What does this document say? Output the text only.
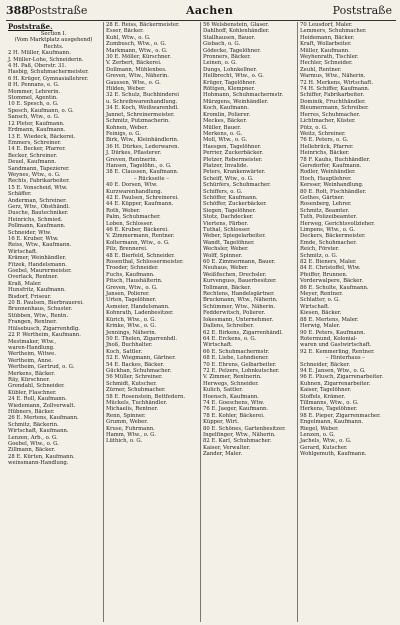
388 Poststraße	Aachen	Poststraße
Poststraße.
Section I.
(Vom Marktplatz ausgehend)
Rechts.
2 H. Müller, Kaufmann.
J. Müller-Lohe, Schneiderin.
4 H. Paß, Oberstr. 31.
Hasbig, Schuhmachermeister.
6 H. Krüger, Gymnasiallehrer.
8 H. Pennans, e. G.
Mommer, Lehrerin.
Stommel, Agentin.
10 E. Spesch, o. G.
Spesch, Kaufmann, o. G.
Sansch, Wtw., o. G.
12 Pleter, Kaufmann.
Erdmann, Kaufmann.
13 E. Wiedeck, Bäckerei.
Emmers, Schreiner.
14 E. Becker, Pfarrer.
Becker, Schreiner.
Deuel, Kaufmann.
Sandmann, Tapezierer.
Weynes, Wtw., o. G.
Rechts, Fabrikarbeiter.
15 E. Vonscheid, Wtw.
Schäffer.
Anderman, Schreiner.
Gerz, Wtw., Obsthändl.
Dusche, Bautechniker.
Heinrichs, Schmied.
Pollmann, Kaufmann.
Schneider, Wtw.
16 E. Kruber, Wtw.
Reiss, Wtw., Kaufmann.
Wirtschaft.
Krämer, Weinhändler.
Fitzek, Handelsmann.
Goebel, Maurermeister.
Overlack, Rentner.
Kraß, Maler.
Hunsfritz, Kaufmann.
Bisdorf, Friseur.
20 B. Paulsen, Bierbrauerei.
Brunnenhaus, Schuster.
Stübben, Wtw., Rentn.
Frangen, Rentner.
Hülsebusch, Zigarrenhdlg.
22 P. Wertheim, Kaufmann.
Mestmaker, Wtw.,
waren-Handlung.
Wertheim, Witwe.
Wertheim, Anne.
Wertheim, Gertrud, o. G.
Merkens, Bäcker.
Räy, Kürschner.
Grendahl, Schneider.
Kübler, Flaschner.
24 E. Roll, Kaufmann.
Wiedemann, Zollverwalt.
Hübners, Bäcker.
26 E. Mertens, Kaufmann.
Schmitz, Bäckerin.
Wirtschaft, Kaufmann.
Lenzen, Arb., o. G.
Goebel, Wtw., o. G.
Zillmann, Bäcker.
28 E. Kürten, Kaufmann.
weinsmann-Handlung.
28 E. Reiss, Bäckermeister.
Esser, Bäcker.
Kuhl, Wtw., o. G.
Zumbusch, Wtw., o. G.
Markmann, Wtw., o. G.
30 E. Möller, Kürschner.
V. Zerbert, Bäckerei.
Dollmann, Mühlenbes.
Greven, Wtw., Näherin.
Gaussen, Wtw., o. G.
Hilden, Weber.
32 E. Schulz, Buchbinderei
u. Schreibwarenhandlung.
34 E. Koch, Weißwarenhdl.
Jannet, Schreinermeister.
Schmitz, Putzmacherin.
Kohnen, Weber.
Feinigs, o. G.
Birk, Wtw., Kleinhändlerin.
36 H. Dürkes, Lederwaren.
J. Dürkes, Pflasterer.
Greven, Rentnerin.
Hansen, Tagelöhn., o. G.
38 E. Claussen, Kaufmann.
– Rückseite –
40 E. Dorsen, Wtw.
Kurzwarenhandlung.
42 E. Paulsen, Schreinerei.
44 E. Küpper, Kaufmann.
Roth, Weber.
Palm, Schuhmacher.
Loben, Schlosser.
46 E. Kruber, Bäckerei.
V. Zimmermann, Rentner.
Koltermann, Wtw., o. G.
Pilz, Brennerei.
48 E. Bierfeld, Schneider.
Rosenthal, Schlossermeister.
Troeder, Schneider.
Fuchs, Kaufmann.
Pitsch, Haushälterin.
Greven, Wtw., o. G.
Jansen, Polierer.
Ürten, Tagelöhner.
Asmeier, Handelsmann.
Kohnrath, Ladenbesitzer.
Kürich, Wtw., o. G.
Krinke, Wtw., o. G.
Jennings, Näherin.
50 E. Thelen, Zigarrenhdl.
Jhoß, Buchhalter.
Koch, Sattler.
52 E. Wiegmann, Gärtner.
54 E. Backes, Bäcker.
Gückhan, Schuhmacher.
56 Müller, Schreiner.
Schmidt, Kutscher.
Zürner, Schuhmacher.
58 E. Rosenstein, Bettfedern.
Mückels, Tuchhändler.
Michaelis, Rentner.
Renn, Spinner.
Grumm, Weber.
Kruse, Fuhrmann.
Hamm, Wtw., o. G.
Lüthich, o. G.
56 Welsbenstein, Glaser.
Dahlhoff, Kohlenhändler.
Stallhausen, Bauer.
Gisbach, o. G.
Gödecke, Tagelöhner.
Pronners, Bäcker.
Leinen, o. G.
Dungs, Lohnkellner.
Hellbrecht, Wtw., o. G.
Krüger, Tagelöhner.
Röttgen, Klempner.
Hohmann, Schuhmachermstr.
Mürzgens, Weinhändler.
Koch, Kaufmann.
Kromlin, Polierer.
Meckes, Bäcker.
Müller, Bauer.
Merkens, o. G.
Moll, Wtw., o. G.
Haesgen, Tagelöhner.
Perrier, Zuckerbäcker.
Pletzer, Rebermeister.
Platzer, Invalide.
Peters, Krankenwärter.
Scheiff, Wtw., o. G.
Schürfers, Schuhmacher.
Schiffers, o. G.
Schöffer, Kaufmann.
Schöffer, Zuckerbäcker.
Siegen, Tagelöhner.
Stotz, Dachdecker.
Viertens, Färber.
Tuthal, Schlosser.
Weber, Spiegelarbeiter.
Wandt, Tagelöhner.
Wechsler, Weber.
Wolff, Spinner.
60 E. Zimmermann, Bauer.
Neuhaus, Weber.
Weißfischen, Drechsler.
Kurvenguss, Bauerbesitzer.
Tollmann, Bäcker.
Rechtens, Handelsgärtner.
Bruckmann, Wtw., Näherin.
Schümmer, Wtw., Näherin.
Fedderwitsch, Polierer.
Iokesmann, Unternehmer.
Dallens, Schreiber.
62 E. Birkens, Zigarrenhändl.
64 E. Erckens, o. G.
Wirtschaft.
66 E. Schuhmachermstr.
68 E. Liebe, Lohndiener.
70 E. Ehrens, Gelbarbeiter.
72 E. Pelzers, Lohnkutscher.
V. Zimmer, Rentnerin.
Herwegs, Schneider.
Kulich, Sattler.
Hoensch, Kaufmann.
74 E. Goeschens, Wtw.
76 E. Jaeger, Kaufmann.
78 E. Kohler, Bäckerei.
Küpper, Wirt.
80 E. Schönes, Gartenbesitzer.
Ingelfinger, Wtw., Näherin.
82 E. Karl, Schuhmacher.
Kaiser, Verwalter.
Zander, Maler.
70 Leusdorf, Maler.
Lemmers, Schuhmacher.
Heidemann, Bäcker.
Kraft, Wollarbeiter.
Müller, Kaufmann.
Weyhenrath, Tischler.
Hechler, Schneider.
Zeuhl, Rentner.
Warmus, Wtw., Näherin.
72 H. Merkens, Wirtschaft.
74 H. Schiffer, Kaufmann.
Schiffer, Fabrikarbeiter.
Dominik, Fruchthändler.
Bleumermann, Schreiber.
Herres, Schuhmacher.
Lichtmacher, Küster.
Pütz, o. G.
Weitz, Schreiner.
76 E. Peters, o. G.
Hellebrück, Pfarrer.
Heinrichs, Bäcker.
78 F. Kauhs, Buchhändler.
Gersdorfer, Kaufmann.
Rodler, Weinhändler.
Hoch, Hauptlehrer.
Kersser, Weinhandlung.
80 E. Rolt, Fischhändler.
Gothes, Gärtner.
Rosenberg, Lehrer.
Schmitz, Beamter.
Tuth, Polizeibeamter.
Herweg, Gerichtsvollzieher.
Limpens, Wtw., o. G.
Deckers, Bäckermeister.
Emde, Schuhmacher.
Reich, Förster.
Schmitz, o. G.
82 E. Bieners, Maler.
84 E. Christoffel, Wtw.
Pfeiffer, Brunnen.
Vorderwalpere, Bäcker.
86 E. Schulte, Kaufmann.
Meyer, Rentner.
Schlatter, o. G.
Wirtschaft.
Kiesen, Bäcker.
88 E. Mertens, Maler.
Herwig, Maler.
90 E. Peters, Kaufmann.
Rotermund, Kolonial-
waren und Gastwirtschaft.
92 E. Kemmerling, Rentner.
– Hinterhaus –
Schneider, Bäcker.
94 E. Jansen, Wtw., o. G.
96 E. Plusch, Zigarrenarbeiter.
Kuhnen, Zigarrenarbeiter.
Kaiser, Tagelöhner.
Stoffels, Krämer.
Tillmanns, Wtw., o. G.
Herkens, Tagelöhner.
98 E. Pieper, Zigarrenmacher.
Engelmann, Kaufmann.
Riegel, Weber.
Lenzen, o. G.
Jachels, Wtw., o. G.
Gerard, Kutscher.
Wohlgemuth, Kaufmann.
